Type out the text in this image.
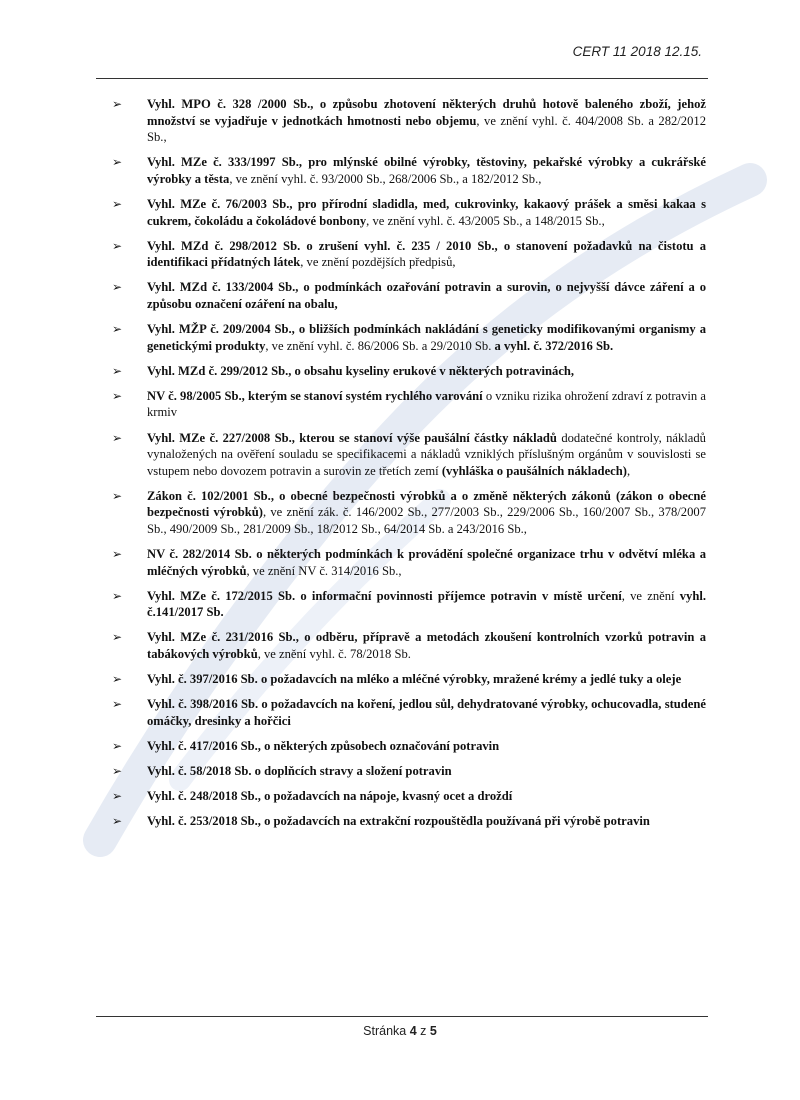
CERT 11 2018 12.15.
➢ Vyhl. MPO č. 328 /2000 Sb., o způsobu zhotovení některých druhů hotově baleného zboží, jehož množství se vyjadřuje v jednotkách hmotnosti nebo objemu, ve znění vyhl. č. 404/2008 Sb. a 282/2012 Sb.,
➢ Vyhl. MZe č. 333/1997 Sb., pro mlýnské obilné výrobky, těstoviny, pekařské výrobky a cukrářské výrobky a těsta, ve znění vyhl. č. 93/2000 Sb., 268/2006 Sb., a 182/2012 Sb.,
➢ Vyhl. MZe č. 76/2003 Sb., pro přírodní sladidla, med, cukrovinky, kakaový prášek a směsi kakaa s cukrem, čokoládu a čokoládové bonbony, ve znění vyhl. č. 43/2005 Sb., a 148/2015 Sb.,
➢ Vyhl. MZd č. 298/2012 Sb. o zrušení vyhl. č. 235 / 2010 Sb., o stanovení požadavků na čistotu a identifikaci přídatných látek, ve znění pozdějších předpisů,
➢ Vyhl. MZd č. 133/2004 Sb., o podmínkách ozařování potravin a surovin, o nejvyšší dávce záření a o způsobu označení ozáření na obalu,
➢ Vyhl. MŽP č. 209/2004 Sb., o bližších podmínkách nakládání s geneticky modifikovanými organismy a genetickými produkty, ve znění vyhl. č. 86/2006 Sb. a 29/2010 Sb. a vyhl. č. 372/2016 Sb.
➢ Vyhl. MZd č. 299/2012 Sb., o obsahu kyseliny erukové v některých potravinách,
➢ NV č. 98/2005 Sb., kterým se stanoví systém rychlého varování o vzniku rizika ohrožení zdraví z potravin a krmiv
➢ Vyhl. MZe č. 227/2008 Sb., kterou se stanoví výše paušální částky nákladů dodatečné kontroly, nákladů vynaložených na ověření souladu se specifikacemi a nákladů vzniklých příslušným orgánům v souvislosti se vstupem nebo dovozem potravin a surovin ze třetích zemí (vyhláška o paušálních nákladech),
➢ Zákon č. 102/2001 Sb., o obecné bezpečnosti výrobků a o změně některých zákonů (zákon o obecné bezpečnosti výrobků), ve znění zák. č. 146/2002 Sb., 277/2003 Sb., 229/2006 Sb., 160/2007 Sb., 378/2007 Sb., 490/2009 Sb., 281/2009 Sb., 18/2012 Sb., 64/2014 Sb. a 243/2016 Sb.,
➢ NV č. 282/2014 Sb. o některých podmínkách k provádění společné organizace trhu v odvětví mléka a mléčných výrobků, ve znění NV č. 314/2016 Sb.,
➢ Vyhl. MZe č. 172/2015 Sb. o informační povinnosti příjemce potravin v místě určení, ve znění vyhl. č.141/2017 Sb.
➢ Vyhl. MZe č. 231/2016 Sb., o odběru, přípravě a metodách zkoušení kontrolních vzorků potravin a tabákových výrobků, ve znění vyhl. č. 78/2018 Sb.
➢ Vyhl. č. 397/2016 Sb. o požadavcích na mléko a mléčné výrobky, mražené krémy a jedlé tuky a oleje
➢ Vyhl. č. 398/2016 Sb. o požadavcích na koření, jedlou sůl, dehydratované výrobky, ochucovadla, studené omáčky, dresinky a hořčici
➢ Vyhl. č. 417/2016 Sb., o některých způsobech označování potravin
➢ Vyhl. č. 58/2018 Sb. o doplňcích stravy a složení potravin
➢ Vyhl. č. 248/2018 Sb., o požadavcích na nápoje, kvasný ocet a droždí
➢ Vyhl. č. 253/2018 Sb., o požadavcích na extrakční rozpouštědla používaná při výrobě potravin
Stránka 4 z 5
